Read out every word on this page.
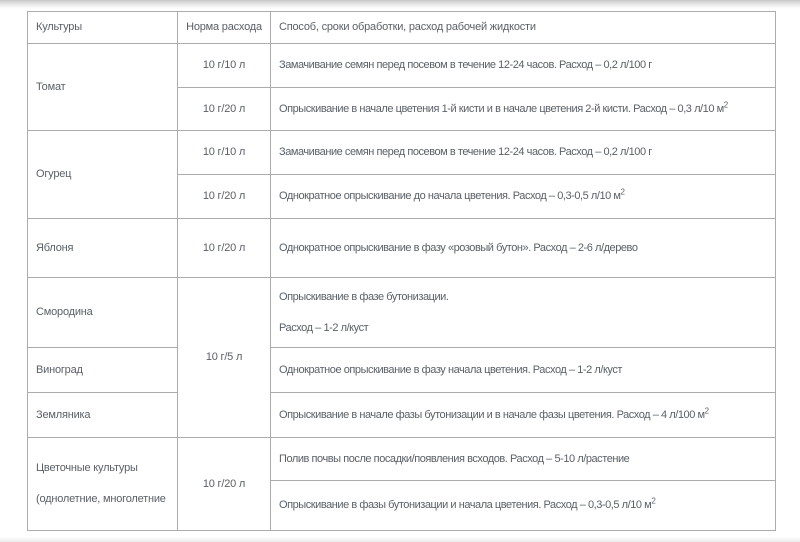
Культуры	Норма расхода	Способ, сроки обработки, расход рабочей жидкости
Томат	10 г/10 л	Замачивание семян перед посевом в течение 12-24 часов. Расход – 0,2 л/100 г
	10 г/20 л	Опрыскивание в начале цветения 1-й кисти и в начале цветения 2-й кисти. Расход – 0,3 л/10 $м^2$
Огурец	10 г/10 л	Замачивание семян перед посевом в течение 12-24 часов. Расход – 0,2 л/100 г
	10 г/20 л	Однократное опрыскивание до начала цветения. Расход – 0,3-0,5 л/10 $м^2$
Яблоня	10 г/20 л	Однократное опрыскивание в фазу «розовый бутон». Расход – 2-6 л/дерево
Смородина	10 г/5 л	Опрыскивание в фазе бутонизации.

Расход – 1-2 л/куст

Виноград		Однократное опрыскивание в фазу начала цветения. Расход – 1-2 л/куст
Земляника		Опрыскивание в начале фазы бутонизации и в начале фазы цветения. Расход – 4 л/100 $м^2$

Цветочные культуры

(однолетние, многолетние	10 г/20 л	Полив почвы после посадки/появления всходов. Расход – 5-10 л/растение
		Опрыскивание в фазы бутонизации и начала цветения. Расход – 0,3-0,5 л/10 $м^2$
